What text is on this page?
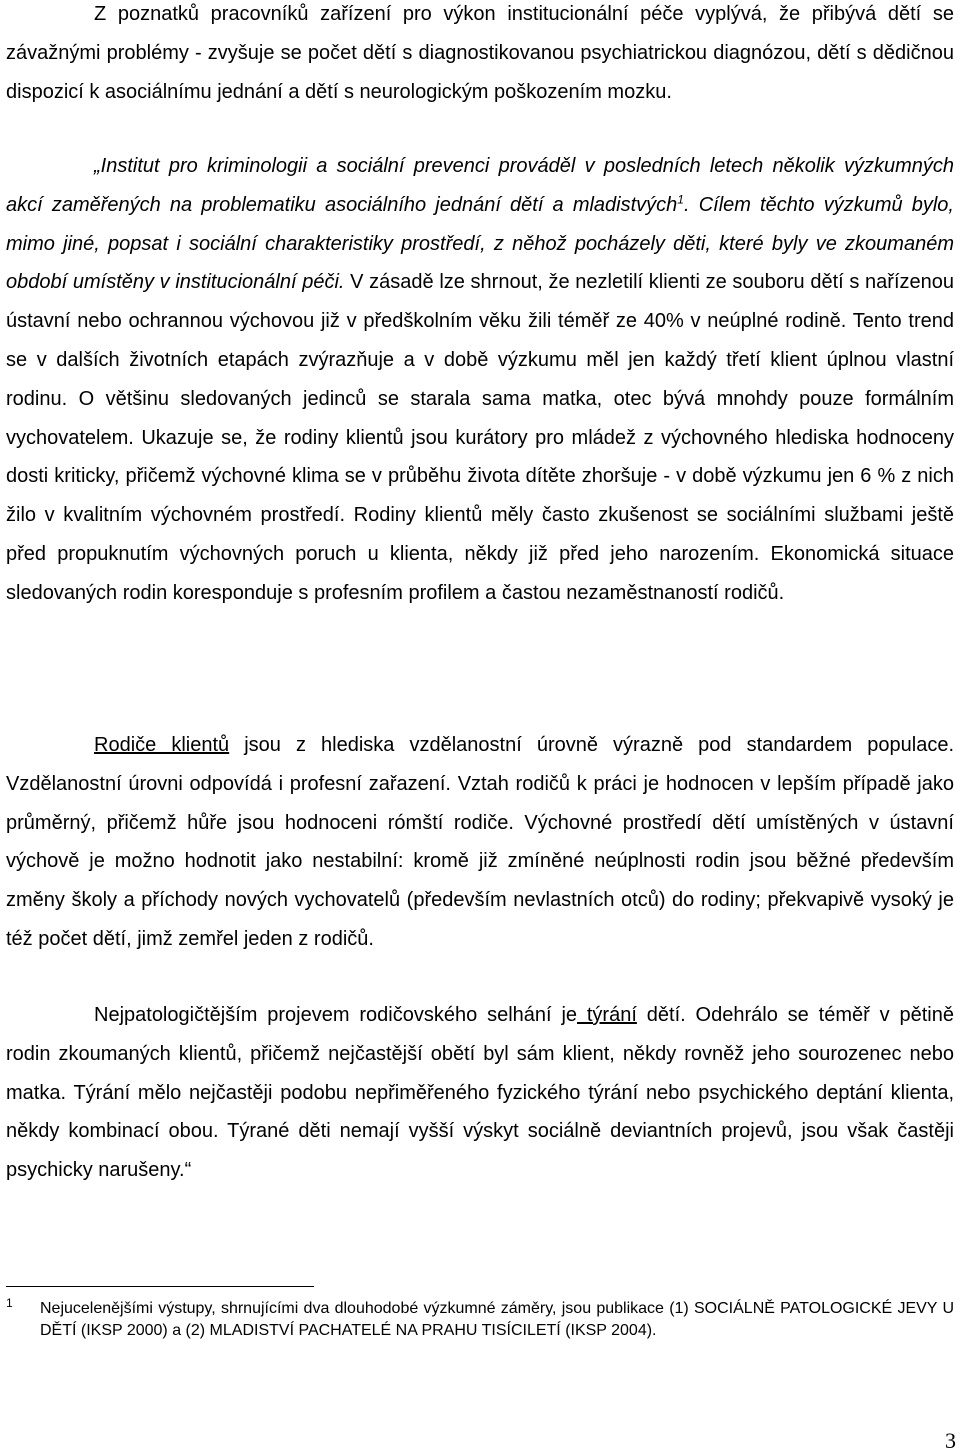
Z poznatků pracovníků zařízení pro výkon institucionální péče vyplývá, že přibývá dětí se závažnými problémy - zvyšuje se počet dětí s diagnostikovanou psychiatrickou diagnózou, dětí s dědičnou dispozicí k asociálnímu jednání a dětí s neurologickým poškozením mozku.

„Institut pro kriminologii a sociální prevenci prováděl v posledních letech několik výzkumných akcí zaměřených na problematiku asociálního jednání dětí a mladistvých$^1$. Cílem těchto výzkumů bylo, mimo jiné, popsat i sociální charakteristiky prostředí, z něhož pocházely děti, které byly ve zkoumaném období umístěny v institucionální péči. V zásadě lze shrnout, že nezletilí klienti ze souboru dětí s nařízenou ústavní nebo ochrannou výchovou již v předškolním věku žili téměř ze 40% v neúplné rodině. Tento trend se v dalších životních etapách zvýrazňuje a v době výzkumu měl jen každý třetí klient úplnou vlastní rodinu. O většinu sledovaných jedinců se starala sama matka, otec bývá mnohdy pouze formálním vychovatelem. Ukazuje se, že rodiny klientů jsou kurátory pro mládež z výchovného hlediska hodnoceny dosti kriticky, přičemž výchovné klima se v průběhu života dítěte zhoršuje - v době výzkumu jen 6 % z nich žilo v kvalitním výchovném prostředí. Rodiny klientů měly často zkušenost se sociálními službami ještě před propuknutím výchovných poruch u klienta, někdy již před jeho narozením. Ekonomická situace sledovaných rodin koresponduje s profesním profilem a častou nezaměstnaností rodičů.

Rodiče klientů jsou z hlediska vzdělanostní úrovně výrazně pod standardem populace. Vzdělanostní úrovni odpovídá i profesní zařazení. Vztah rodičů k práci je hodnocen v lepším případě jako průměrný, přičemž hůře jsou hodnoceni rómští rodiče. Výchovné prostředí dětí umístěných v ústavní výchově je možno hodnotit jako nestabilní: kromě již zmíněné neúplnosti rodin jsou běžné především změny školy a příchody nových vychovatelů (především nevlastních otců) do rodiny; překvapivě vysoký je též počet dětí, jimž zemřel jeden z rodičů.

Nejpatologičtějším projevem rodičovského selhání je týrání dětí. Odehrálo se téměř v pětině rodin zkoumaných klientů, přičemž nejčastější obětí byl sám klient, někdy rovněž jeho sourozenec nebo matka. Týrání mělo nejčastěji podobu nepřiměřeného fyzického týrání nebo psychického deptání klienta, někdy kombinací obou. Týrané děti nemají vyšší výskyt sociálně deviantních projevů, jsou však častěji psychicky narušeny.“

1	Nejucelenějšími výstupy, shrnujícími dva dlouhodobé výzkumné záměry, jsou publikace (1) SOCIÁLNĚ PATOLOGICKÉ JEVY U DĚTÍ (IKSP 2000) a (2) MLADISTVÍ PACHATELÉ NA PRAHU TISÍCILETÍ (IKSP 2004).
3
